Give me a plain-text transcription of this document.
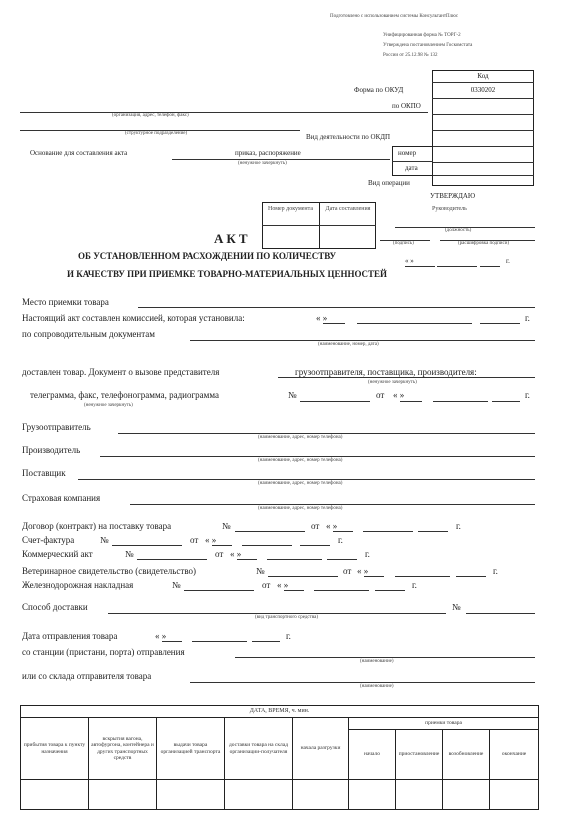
Подготовлено с использованием системы КонсультантПлюс
Унифицированная форма № ТОРГ-2
Утверждена постановлением Госкомстата
России от 25.12.98 № 132
Код
Форма по ОКУД	0330202
по ОКПО
Вид деятельности по ОКДП
номер
дата
Вид операции
(организация, адрес, телефон, факс)
(структурное подразделение)
Основание для составления акта	приказ, распоряжение
(ненужное зачеркнуть)
Номер документа	Дата составления
УТВЕРЖДАЮ
Руководитель
(должность)
(подпись)	(расшифровка подписи)
« »	г.
АКТ
ОБ УСТАНОВЛЕННОМ РАСХОЖДЕНИИ ПО КОЛИЧЕСТВУ
И КАЧЕСТВУ ПРИ ПРИЕМКЕ ТОВАРНО-МАТЕРИАЛЬНЫХ ЦЕННОСТЕЙ
Место приемки товара
Настоящий акт составлен комиссией, которая установила:	« »	г.
по сопроводительным документам
(наименование, номер, дата)
доставлен товар. Документ о вызове представителя	грузоотправителя, поставщика, производителя:
(ненужное зачеркнуть)
телеграмма, факс, телефонограмма, радиограмма
(ненужное зачеркнуть)
№	от « »	г.
Грузоотправитель
(наименование, адрес, номер телефона)
Производитель
(наименование, адрес, номер телефона)
Поставщик
(наименование, адрес, номер телефона)
Страховая компания
(наименование, адрес, номер телефона)
Договор (контракт) на поставку товара	№	от « »	г.
Счет-фактура	№	от « »	г.
Коммерческий акт	№	от « »	г.
Ветеринарное свидетельство (свидетельство)	№	от « »	г.
Железнодорожная накладная	№	от « »	г.
Способ доставки
(вид транспортного средства)
№
Дата отправления товара	« »	г.
со станции (пристани, порта) отправления
(наименование)
или со склада отправителя товара
(наименование)
ДАТА, ВРЕМЯ, ч. мин.								
прибытия товара к пункту назначения	вскрытия вагона, автофургона, контейнера и других транспортных средств	выдачи товара организацией транспорта	доставки товара на склад организации-получателя	начала разгрузки	приемки товара			
					начало	приостановление	возобновление	окончание
